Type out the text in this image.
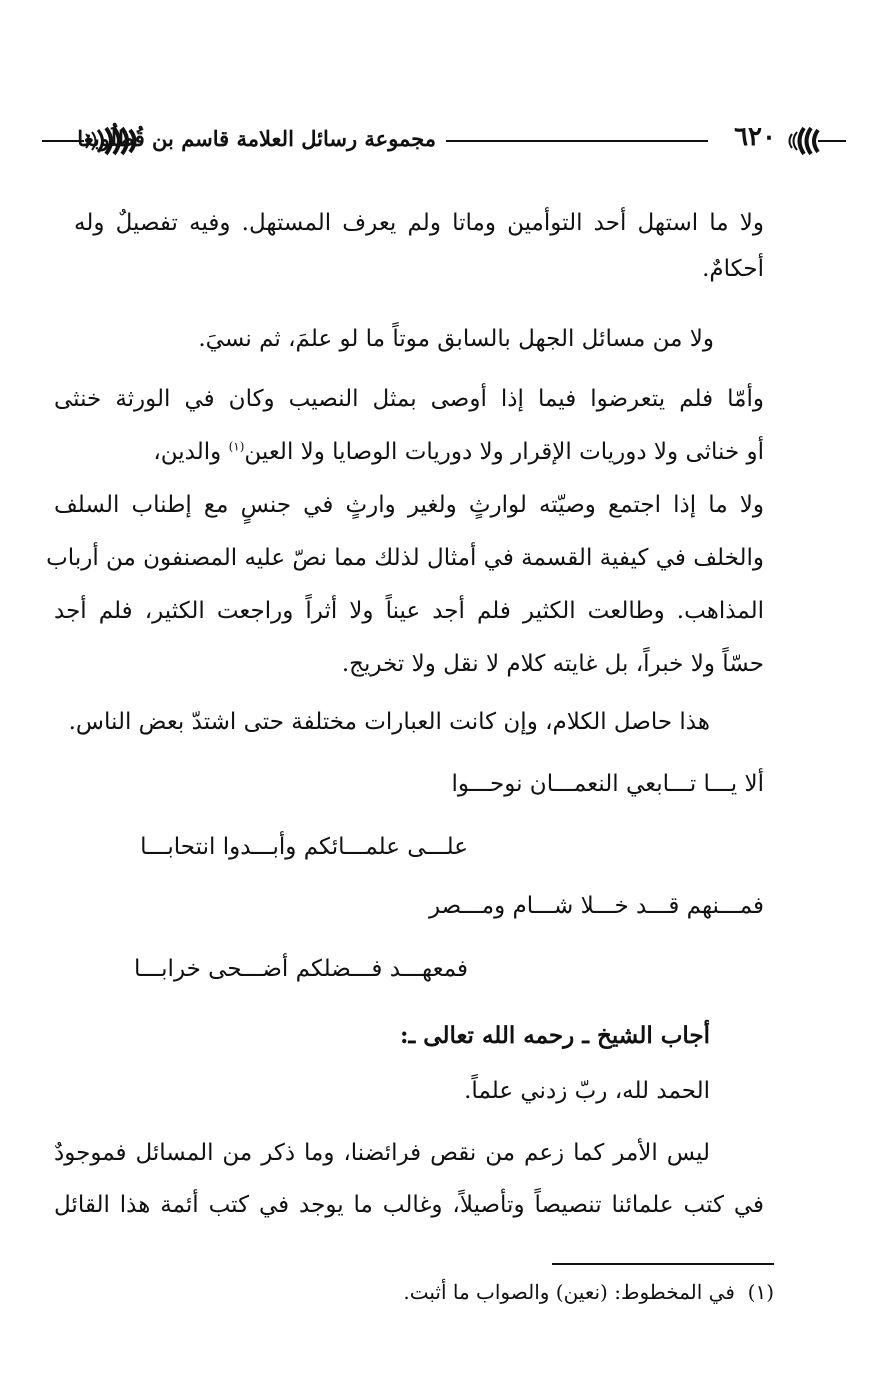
٦٢٠
مجموعة رسائل العلامة قاسم بن قُطلُوبغا
ولا ما استهل أحد التوأمين وماتا ولم يعرف المستهل. وفيه تفصيلٌ وله
أحكامٌ.
ولا من مسائل الجهل بالسابق موتاً ما لو علمَ، ثم نسيَ.
وأمّا فلم يتعرضوا فيما إذا أوصى بمثل النصيب وكان في الورثة خنثى
أو خناثى ولا دوريات الإقرار ولا دوريات الوصايا ولا العين$^{(١)}$ والدين،
ولا ما إذا اجتمع وصيّته لوارثٍ ولغير وارثٍ في جنسٍ مع إطناب السلف
والخلف في كيفية القسمة في أمثال لذلك مما نصّ عليه المصنفون من أرباب
المذاهب. وطالعت الكثير فلم أجد عيناً ولا أثراً وراجعت الكثير، فلم أجد
حسّاً ولا خبراً، بل غايته كلام لا نقل ولا تخريج.
هذا حاصل الكلام، وإن كانت العبارات مختلفة حتى اشتدّ بعض الناس.
ألا يـــا تـــابعي النعمـــان نوحـــوا
علـــى علمـــائكم وأبـــدوا انتحابـــا
فمـــنهم قـــد خـــلا شـــام ومـــصر
فمعهـــد فـــضلكم أضـــحى خرابـــا
أجاب الشيخ ـ رحمه الله تعالى ـ:
الحمد لله، ربّ زدني علماً.
ليس الأمر كما زعم من نقص فرائضنا، وما ذكر من المسائل فموجودٌ
في كتب علمائنا تنصيصاً وتأصيلاً، وغالب ما يوجد في كتب أئمة هذا القائل
(١)  في المخطوط: (نعين) والصواب ما أثبت.
